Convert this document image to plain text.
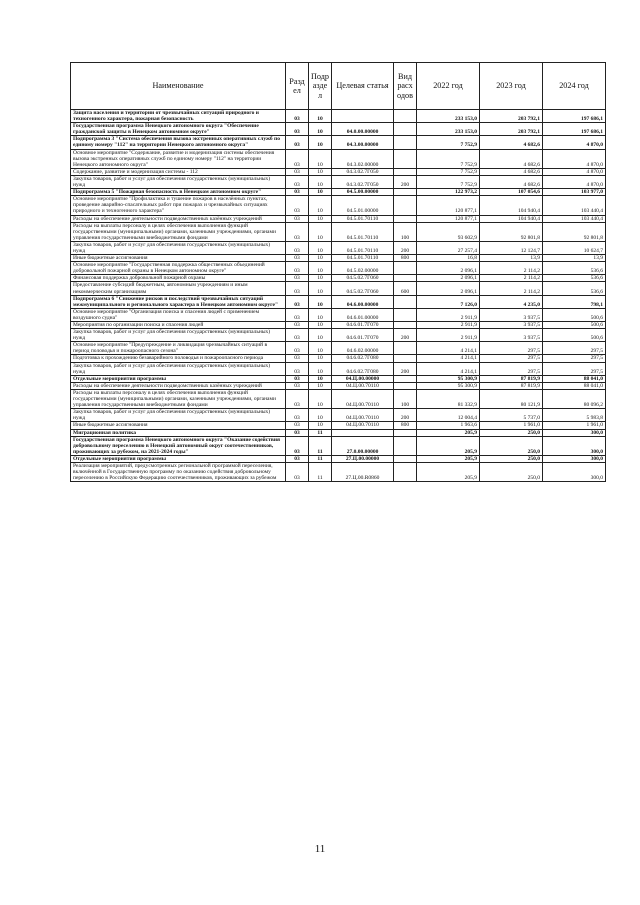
Наименование	Разд ел	Подр азде л	Целевая статья	Вид расх одов	2022 год	2023 год	2024 год
Защита населения и территории от чрезвычайных ситуаций природного и техногенного характера, пожарная безопасность	03	10			233 153,0	203 792,1	197 686,1
Государственная программа Ненецкого автономного округа "Обеспечение гражданской защиты в Ненецком автономном округе"	03	10	04.0.00.00000		233 153,0	203 792,1	197 686,1
Подпрограмма 3 "Система обеспечения вызова экстренных оперативных служб по единому номеру "112" на территории Ненецкого автономного округа"	03	10	04.3.00.00000		7 752,9	4 682,6	4 870,0
Основное мероприятие "Содержание, развитие и модернизация системы обеспечения вызова экстренных оперативных служб по единому номеру "112" на территории Ненецкого автономного округа"	03	10	04.3.02.00000		7 752,9	4 682,6	4 870,0
Содержание, развитие и модернизация системы - 112	03	10	04.3.02.7Г050		7 752,9	4 682,6	4 870,0
Закупка товаров, работ и услуг для обеспечения государственных (муниципальных) нужд	03	10	04.3.02.7Г050	200	7 752,9	4 682,6	4 870,0
Подпрограмма 5 "Пожарная безопасность в Ненецком автономном округе"	03	10	04.5.00.00000		122 973,2	107 054,6	103 977,0
Основное мероприятие "Профилактика и тушение пожаров в населённых пунктах, проведение аварийно-спасательных работ при пожарах и чрезвычайных ситуациях природного и техногенного характера"	03	10	04.5.01.00000		120 877,1	104 940,4	103 440,4
Расходы на обеспечение деятельности подведомственных казённых учреждений	03	10	04.5.01.70110		120 877,1	104 940,4	103 440,4
Расходы на выплаты персоналу в целях обеспечения выполнения функций государственными (муниципальными) органами, казенными учреждениями, органами управления государственными внебюджетными фондами	03	10	04.5.01.70110	100	93 602,9	92 801,8	92 801,8
Закупка товаров, работ и услуг для обеспечения государственных (муниципальных) нужд	03	10	04.5.01.70110	200	27 257,4	12 124,7	10 624,7
Иные бюджетные ассигнования	03	10	04.5.01.70110	800	16,8	13,9	13,9
Основное мероприятие "Государственная поддержка общественных объединений добровольной пожарной охраны в Ненецком автономном округе"	03	10	04.5.02.00000		2 096,1	2 114,2	536,6
Финансовая поддержка добровольной пожарной охраны	03	10	04.5.02.7Г060		2 096,1	2 114,2	536,6
Предоставление субсидий бюджетным, автономным учреждениям и иным некоммерческим организациям	03	10	04.5.02.7Г060	600	2 096,1	2 114,2	536,6
Подпрограмма 6 "Снижение рисков и последствий чрезвычайных ситуаций межмуниципального и регионального характера в Ненецком автономном округе"	03	10	04.6.00.00000		7 126,0	4 235,0	798,1
Основное мероприятие "Организация поиска и спасения людей с применением воздушного судна"	03	10	04.6.01.00000		2 911,9	3 937,5	500,6
Мероприятия по организации поиска и спасения людей	03	10	04.6.01.7Г070		2 911,9	3 937,5	500,6
Закупка товаров, работ и услуг для обеспечения государственных (муниципальных) нужд	03	10	04.6.01.7Г070	200	2 911,9	3 937,5	500,6
Основное мероприятие "Предупреждение и ликвидация чрезвычайных ситуаций в период половодья и пожароопасного сезона"	03	10	04.6.02.00000		4 214,1	297,5	297,5
Подготовка к прохождению безаварийного половодья и пожароопасного периода	03	10	04.6.02.7Г080		4 214,1	297,5	297,5
Закупка товаров, работ и услуг для обеспечения государственных (муниципальных) нужд	03	10	04.6.02.7Г080	200	4 214,1	297,5	297,5
Отдельные мероприятия программы	03	10	04.Ц.00.00000		95 300,9	87 819,9	88 041,0
Расходы на обеспечение деятельности подведомственных казённых учреждений	03	10	04.Ц.00.70110		95 300,9	87 819,9	88 041,0
Расходы на выплаты персоналу в целях обеспечения выполнения функций государственными (муниципальными) органами, казенными учреждениями, органами управления государственными внебюджетными фондами	03	10	04.Ц.00.70110	100	81 332,9	80 121,9	80 096,2
Закупка товаров, работ и услуг для обеспечения государственных (муниципальных) нужд	03	10	04.Ц.00.70110	200	12 004,4	5 737,0	5 983,8
Иные бюджетные ассигнования	03	10	04.Ц.00.70110	800	1 963,6	1 961,0	1 961,0
Миграционная политика	03	11			205,9	250,0	300,0
Государственная программа Ненецкого автономного округа "Оказание содействия добровольному переселению в Ненецкий автономный округ соотечественников, проживающих за рубежом, на 2021-2024 годы"	03	11	27.0.00.00000		205,9	250,0	300,0
Отдельные мероприятия программы	03	11	27.Ц.00.00000		205,9	250,0	300,0
Реализация мероприятий, предусмотренных региональной программой переселения, включённой в Государственную программу по оказанию содействия добровольному переселению в Российскую Федерацию соотечественников, проживающих за рубежом	03	11	27.Ц.00.R0860		205,9	250,0	300,0
11
